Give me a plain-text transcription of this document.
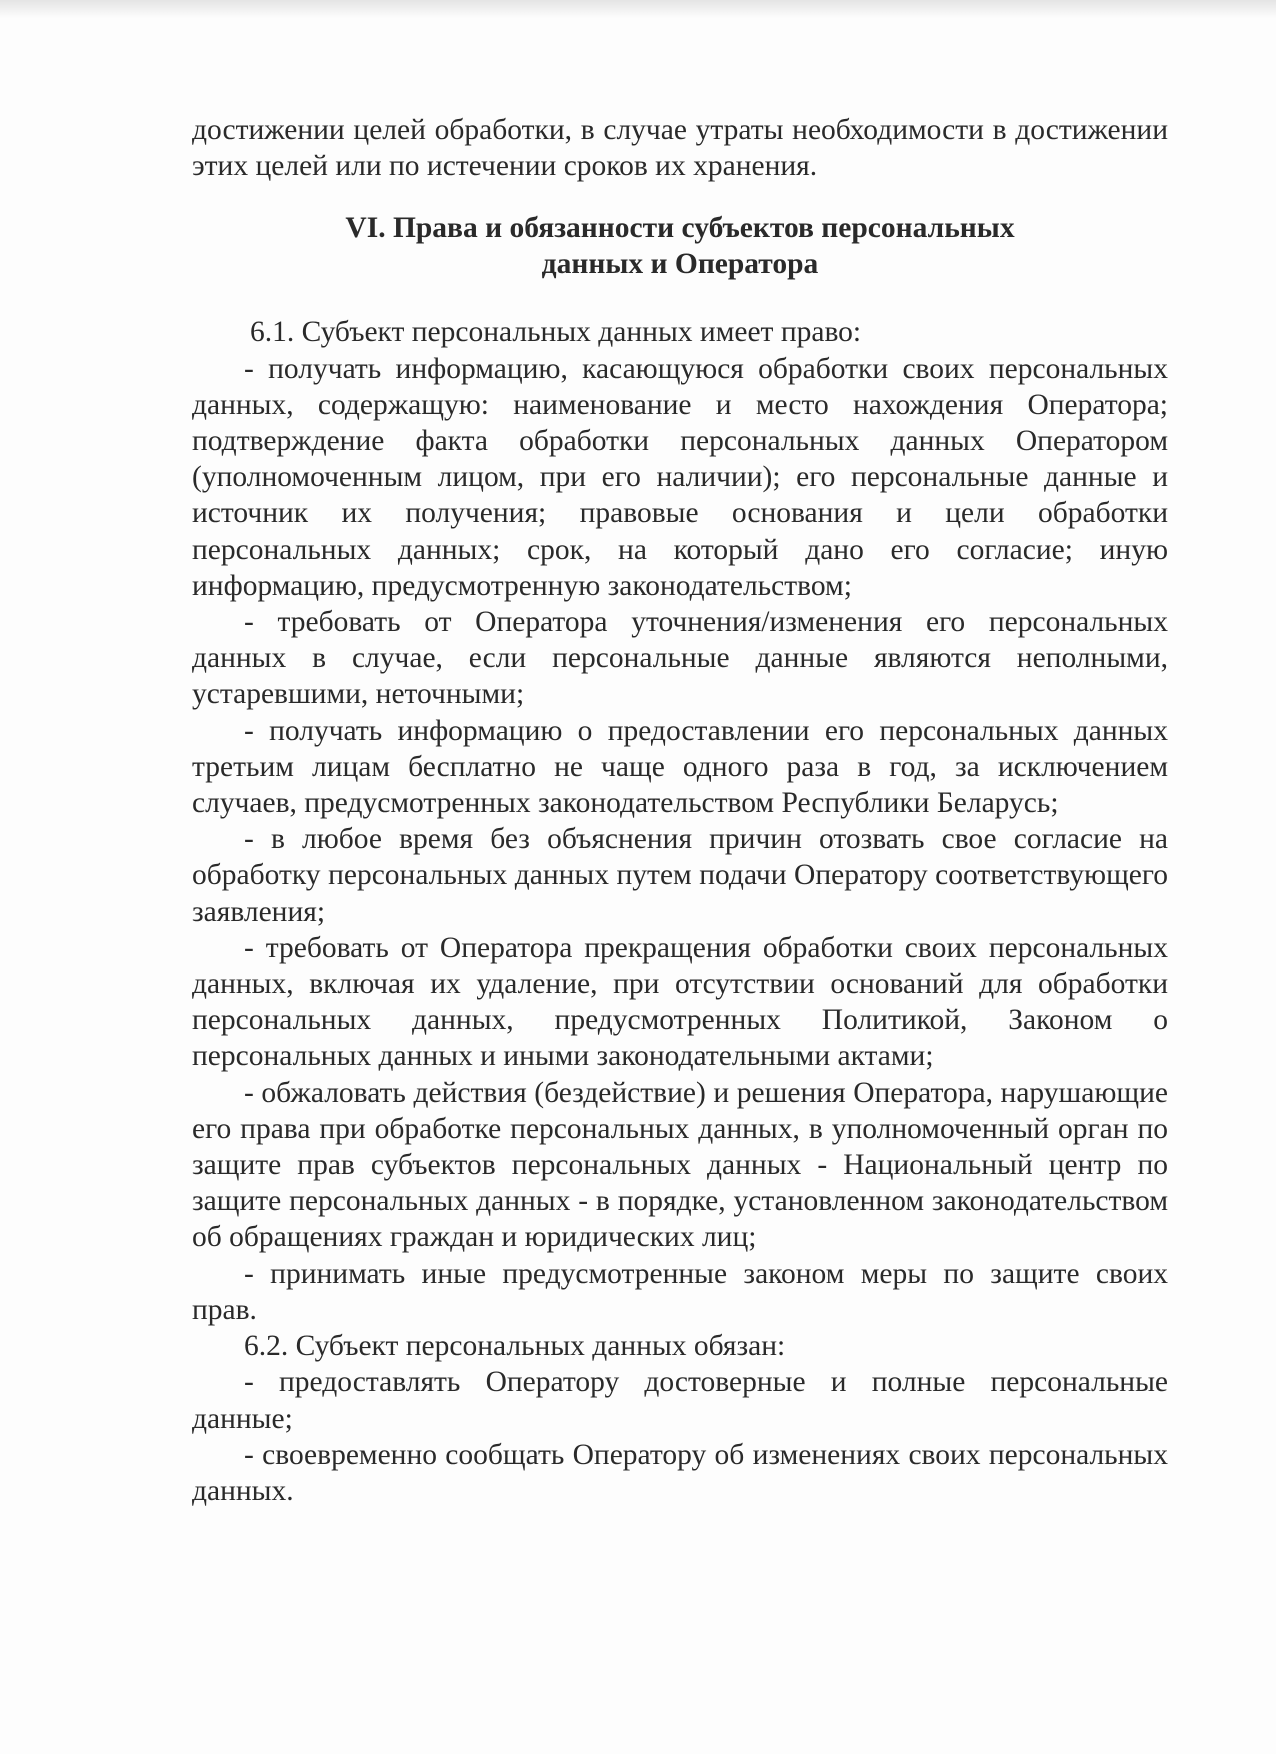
достижении целей обработки, в случае утраты необходимости в достижении этих целей или по истечении сроков их хранения.

VI. Права и обязанности субъектов персональных
данных и Оператора

6.1. Субъект персональных данных имеет право:

- получать информацию, касающуюся обработки своих персональных данных, содержащую: наименование и место нахождения Оператора; подтверждение факта обработки персональных данных Оператором (уполномоченным лицом, при его наличии); его персональные данные и источник их получения; правовые основания и цели обработки персональных данных; срок, на который дано его согласие; иную информацию, предусмотренную законодательством;

- требовать от Оператора уточнения/изменения его персональных данных в случае, если персональные данные являются неполными, устаревшими, неточными;

- получать информацию о предоставлении его персональных данных третьим лицам бесплатно не чаще одного раза в год, за исключением случаев, предусмотренных законодательством Республики Беларусь;

- в любое время без объяснения причин отозвать свое согласие на обработку персональных данных путем подачи Оператору соответствующего заявления;

- требовать от Оператора прекращения обработки своих персональных данных, включая их удаление, при отсутствии оснований для обработки персональных данных, предусмотренных Политикой, Законом о персональных данных и иными законодательными актами;

- обжаловать действия (бездействие) и решения Оператора, нарушающие его права при обработке персональных данных, в уполномоченный орган по защите прав субъектов персональных данных - Национальный центр по защите персональных данных - в порядке, установленном законодательством об обращениях граждан и юридических лиц;

- принимать иные предусмотренные законом меры по защите своих прав.

6.2. Субъект персональных данных обязан:

- предоставлять Оператору достоверные и полные персональные данные;

- своевременно сообщать Оператору об изменениях своих персональных данных.
